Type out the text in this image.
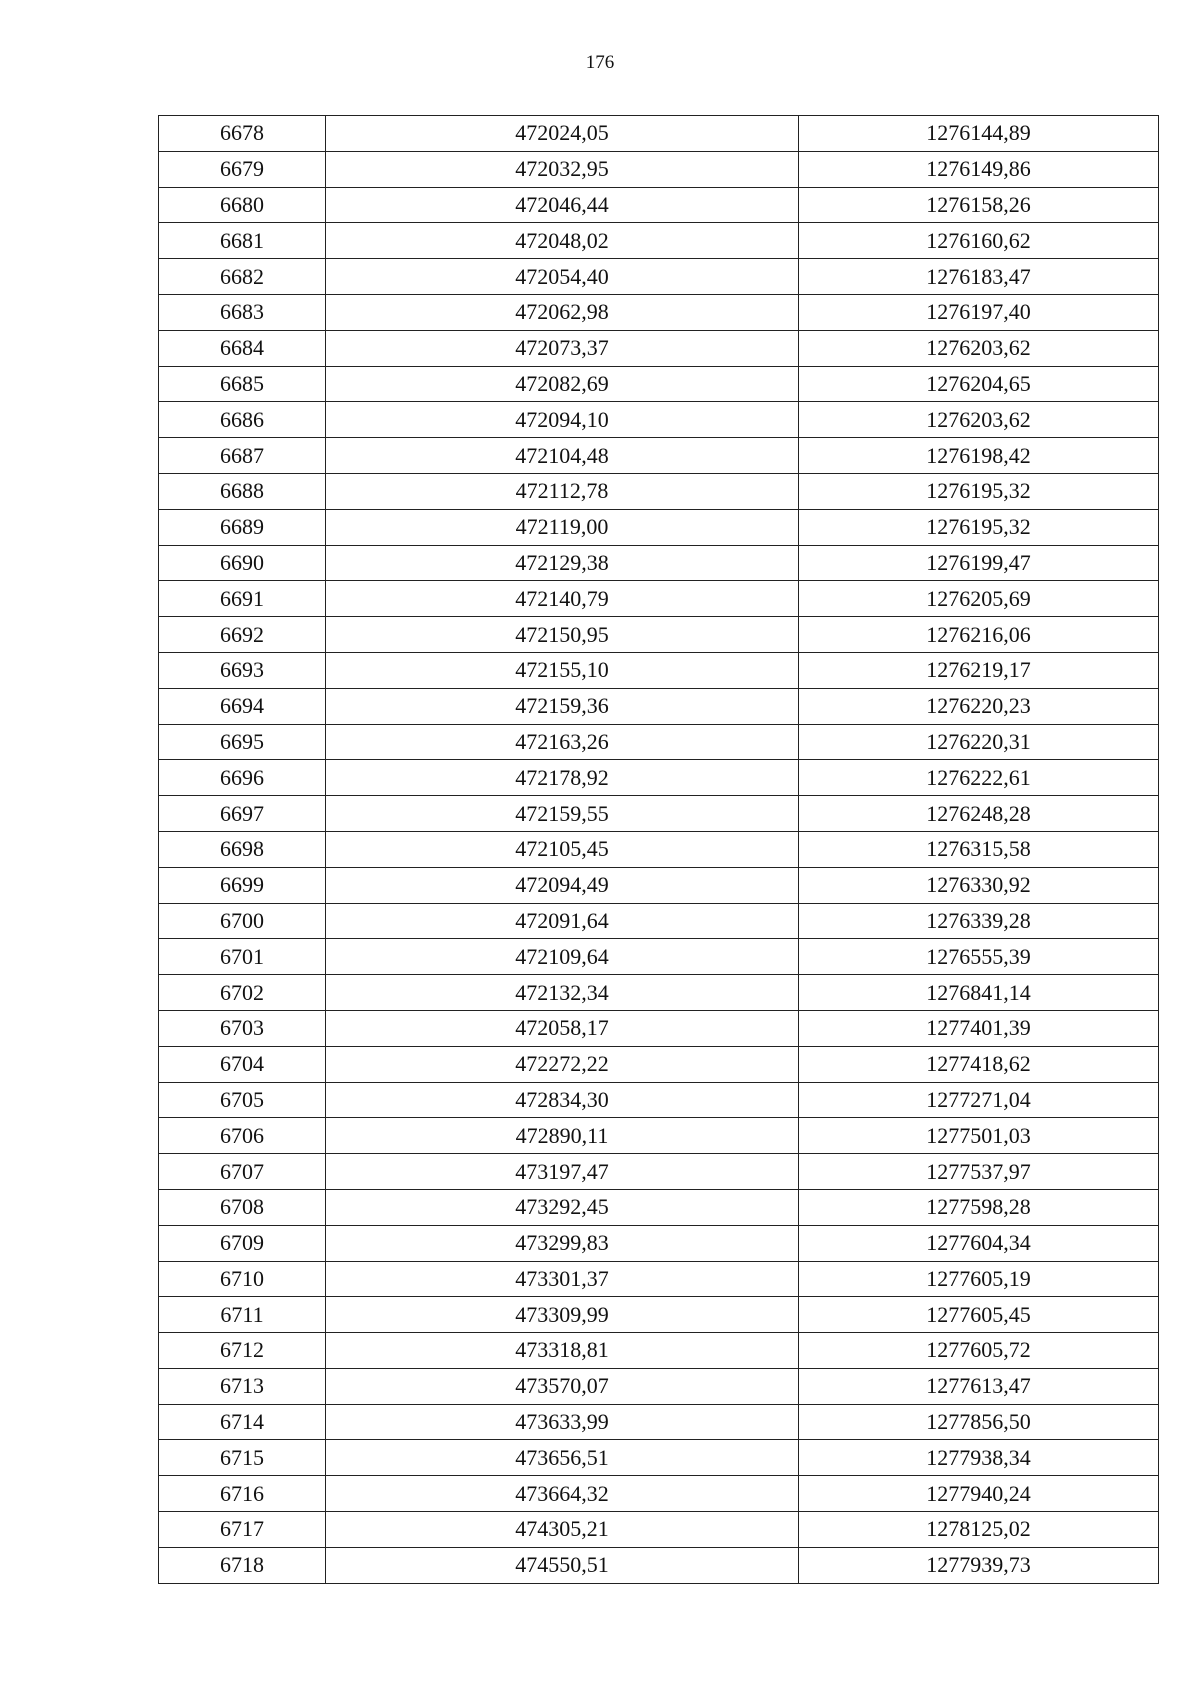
176
6678	472024,05	1276144,89
6679	472032,95	1276149,86
6680	472046,44	1276158,26
6681	472048,02	1276160,62
6682	472054,40	1276183,47
6683	472062,98	1276197,40
6684	472073,37	1276203,62
6685	472082,69	1276204,65
6686	472094,10	1276203,62
6687	472104,48	1276198,42
6688	472112,78	1276195,32
6689	472119,00	1276195,32
6690	472129,38	1276199,47
6691	472140,79	1276205,69
6692	472150,95	1276216,06
6693	472155,10	1276219,17
6694	472159,36	1276220,23
6695	472163,26	1276220,31
6696	472178,92	1276222,61
6697	472159,55	1276248,28
6698	472105,45	1276315,58
6699	472094,49	1276330,92
6700	472091,64	1276339,28
6701	472109,64	1276555,39
6702	472132,34	1276841,14
6703	472058,17	1277401,39
6704	472272,22	1277418,62
6705	472834,30	1277271,04
6706	472890,11	1277501,03
6707	473197,47	1277537,97
6708	473292,45	1277598,28
6709	473299,83	1277604,34
6710	473301,37	1277605,19
6711	473309,99	1277605,45
6712	473318,81	1277605,72
6713	473570,07	1277613,47
6714	473633,99	1277856,50
6715	473656,51	1277938,34
6716	473664,32	1277940,24
6717	474305,21	1278125,02
6718	474550,51	1277939,73
